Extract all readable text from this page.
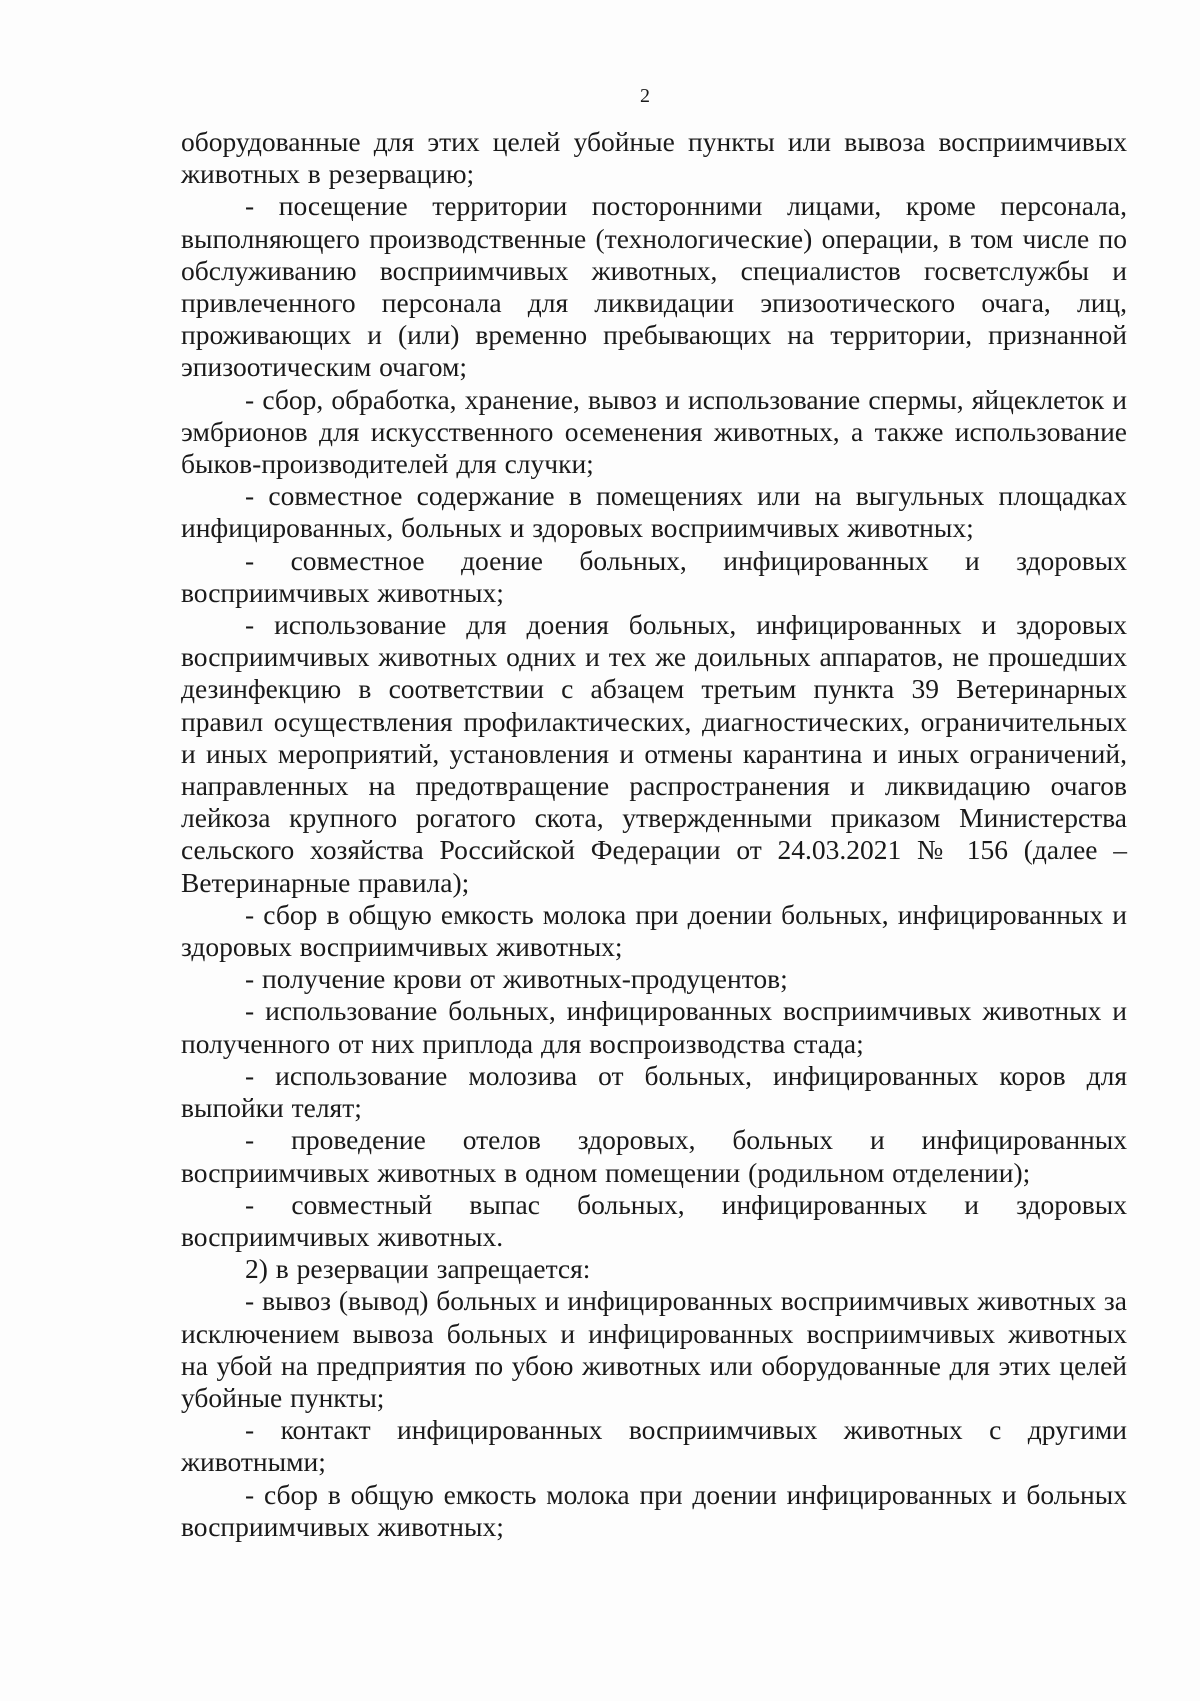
2

оборудованные для этих целей убойные пункты или вывоза восприимчивых животных в резервацию;

- посещение территории посторонними лицами, кроме персонала, выполняющего производственные (технологические) операции, в том числе по обслуживанию восприимчивых животных, специалистов госветслужбы и привлеченного персонала для ликвидации эпизоотического очага, лиц, проживающих и (или) временно пребывающих на территории, признанной эпизоотическим очагом;

- сбор, обработка, хранение, вывоз и использование спермы, яйцеклеток и эмбрионов для искусственного осеменения животных, а также использование быков-производителей для случки;

- совместное содержание в помещениях или на выгульных площадках инфицированных, больных и здоровых восприимчивых животных;

- совместное доение больных, инфицированных и здоровых восприимчивых животных;

- использование для доения больных, инфицированных и здоровых восприимчивых животных одних и тех же доильных аппаратов, не прошедших дезинфекцию в соответствии с абзацем третьим пункта 39 Ветеринарных правил осуществления профилактических, диагностических, ограничительных и иных мероприятий, установления и отмены карантина и иных ограничений, направленных на предотвращение распространения и ликвидацию очагов лейкоза крупного рогатого скота, утвержденными приказом Министерства сельского хозяйства Российской Федерации от 24.03.2021 № 156 (далее – Ветеринарные правила);

- сбор в общую емкость молока при доении больных, инфицированных и здоровых восприимчивых животных;

- получение крови от животных-продуцентов;

- использование больных, инфицированных восприимчивых животных и полученного от них приплода для воспроизводства стада;

- использование молозива от больных, инфицированных коров для выпойки телят;

- проведение отелов здоровых, больных и инфицированных восприимчивых животных в одном помещении (родильном отделении);

- совместный выпас больных, инфицированных и здоровых восприимчивых животных.

2) в резервации запрещается:

- вывоз (вывод) больных и инфицированных восприимчивых животных за исключением вывоза больных и инфицированных восприимчивых животных на убой на предприятия по убою животных или оборудованные для этих целей убойные пункты;

- контакт инфицированных восприимчивых животных с другими животными;

- сбор в общую емкость молока при доении инфицированных и больных восприимчивых животных;
